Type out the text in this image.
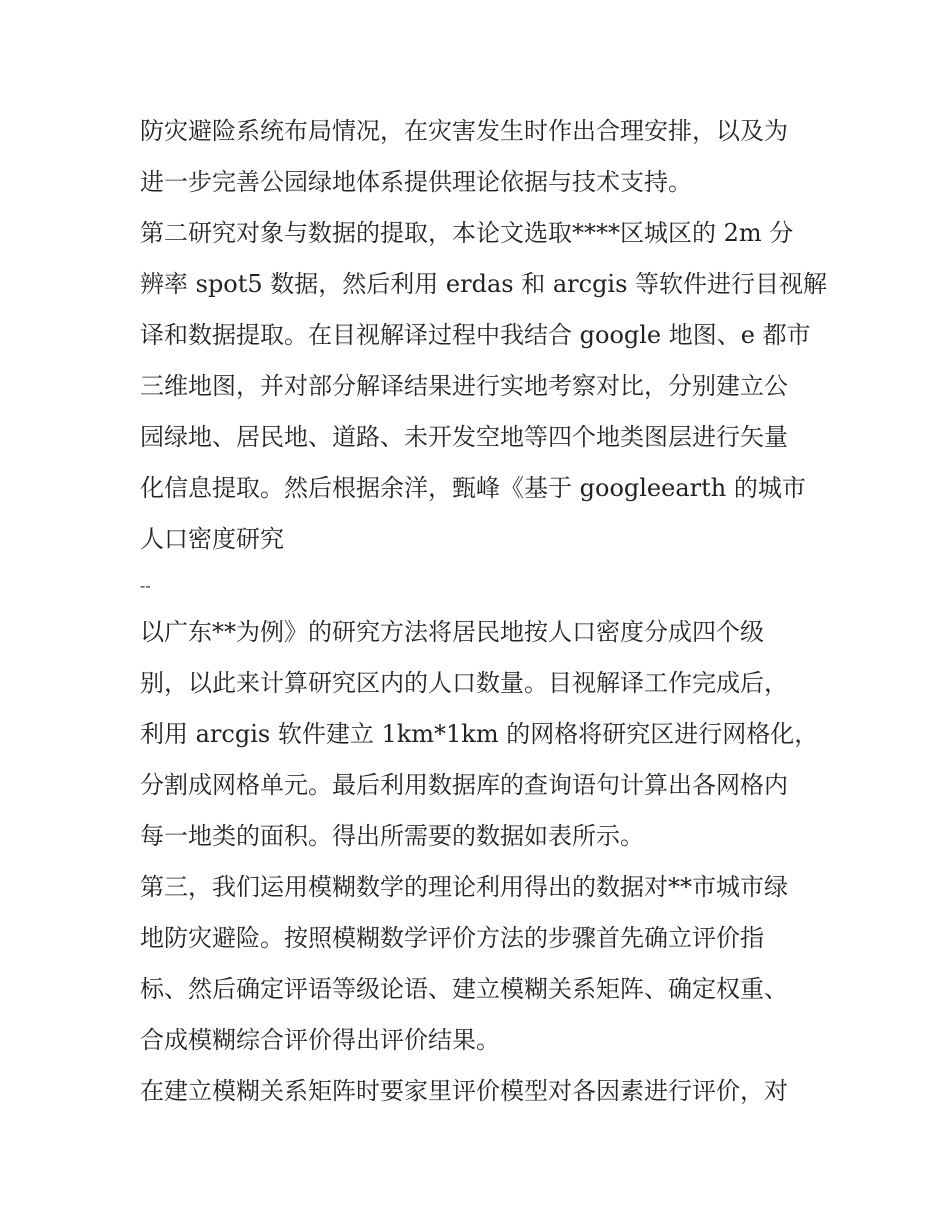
防灾避险系统布局情况，在灾害发生时作出合理安排，以及为
进一步完善公园绿地体系提供理论依据与技术支持。
第二研究对象与数据的提取，本论文选取****区城区的 2m 分
辨率 spot5 数据，然后利用 erdas 和 arcgis 等软件进行目视解
译和数据提取。在目视解译过程中我结合 google 地图、e 都市
三维地图，并对部分解译结果进行实地考察对比，分别建立公
园绿地、居民地、道路、未开发空地等四个地类图层进行矢量
化信息提取。然后根据余洋，甄峰《基于 googleearth 的城市
人口密度研究
--
以广东**为例》的研究方法将居民地按人口密度分成四个级
别，以此来计算研究区内的人口数量。目视解译工作完成后，
利用 arcgis 软件建立 1km*1km 的网格将研究区进行网格化，
分割成网格单元。最后利用数据库的查询语句计算出各网格内
每一地类的面积。得出所需要的数据如表所示。
第三，我们运用模糊数学的理论利用得出的数据对**市城市绿
地防灾避险。按照模糊数学评价方法的步骤首先确立评价指
标、然后确定评语等级论语、建立模糊关系矩阵、确定权重、
合成模糊综合评价得出评价结果。
在建立模糊关系矩阵时要家里评价模型对各因素进行评价，对
